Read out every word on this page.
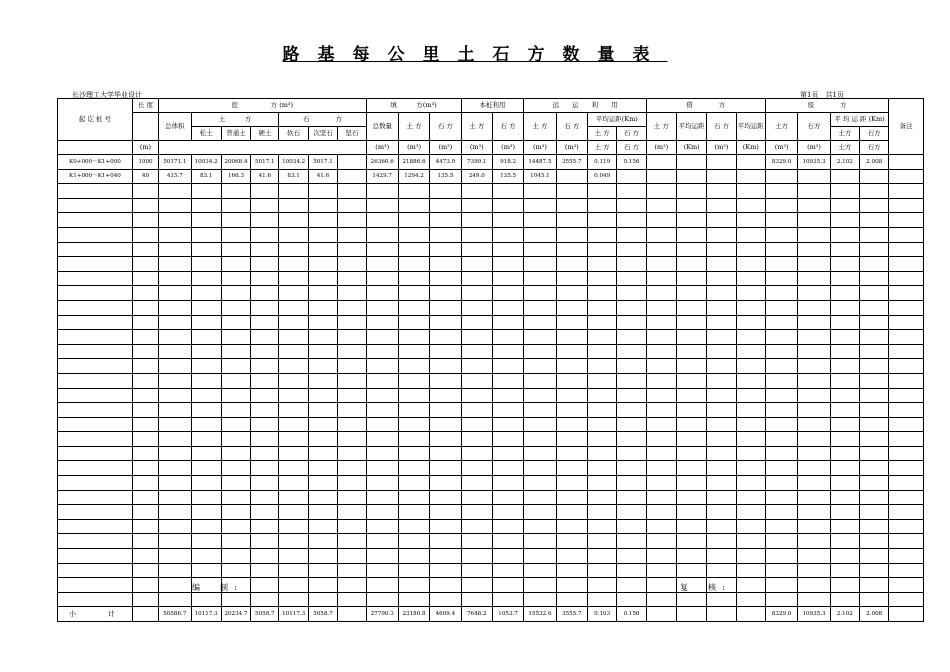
路基每公里土石方数量表
长沙理工大学毕业设计	第1页　共1页
起 讫 桩 号	长 度	挖　　　　　方 (m³)							填　　　方(m³)			本桩利用		远　　运　　利　　用				借　　　　方				废　　　　方				备注
		总体积	土　　　方			石　　　　方			总数量	土 方	石 方	土 方	石 方	土 方	石 方	平均运距(Km)		土 方	平均运距	石 方	平均运距	土方	石方	平 均 运 距 (Km)		
			松土	普通土	硬土	软石	次坚石	坚石								土 方	石 方							土方	石方	
	(m)								(m³)	(m³)	(m³)	(m³)	(m³)	(m³)	(m³)	土 方	石 方	(m³)	(Km)	(m³)	(Km)	(m³)	(m³)	土方	石方	
K0+000～K1+000	1000	50171.1	10034.2	20068.4	5017.1	10034.2	5017.1		26360.6	21886.6	4473.9	7399.1	918.2	14487.5	3555.7	0.119	0.156					8329.0	10935.3	2.102	2.008	
K1+000～K1+040	40	415.7	83.1	166.3	41.6	83.1	41.6		1429.7	1294.2	135.5	249.0	135.5	1045.1		0.049										

小　　计		50586.7	10117.3	20234.7	5058.7	10117.3	5058.7		27790.3	23180.8	4609.4	7648.2	1053.7	15532.6	3555.7	0.103	0.156					8329.0	10935.3	2.102	2.008	
编　制:	复　核:
